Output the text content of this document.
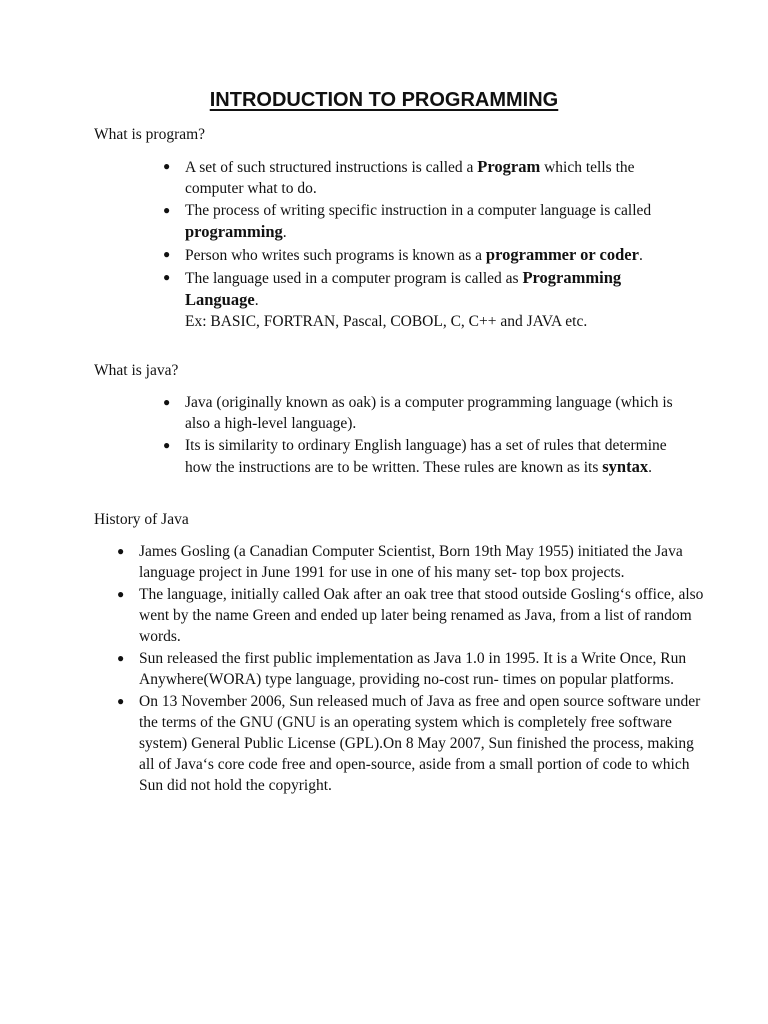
INTRODUCTION TO PROGRAMMING

What is program?

● A set of such structured instructions is called a Program which tells the computer what to do.
● The process of writing specific instruction in a computer language is called programming.
● Person who writes such programs is known as a programmer or coder.
● The language used in a computer program is called as Programming Language.
Ex: BASIC, FORTRAN, Pascal, COBOL, C, C++ and JAVA etc.

What is java?

● Java (originally known as oak) is a computer programming language (which is also a high-level language).
● Its is similarity to ordinary English language) has a set of rules that determine how the instructions are to be written. These rules are known as its syntax.

History of Java

● James Gosling (a Canadian Computer Scientist, Born 19th May 1955) initiated the Java language project in June 1991 for use in one of his many set- top box projects.
● The language, initially called Oak after an oak tree that stood outside Gosling‘s office, also went by the name Green and ended up later being renamed as Java, from a list of random words.
● Sun released the first public implementation as Java 1.0 in 1995. It is a Write Once, Run Anywhere(WORA) type language, providing no-cost run- times on popular platforms.
● On 13 November 2006, Sun released much of Java as free and open source software under the terms of the GNU (GNU is an operating system which is completely free software system) General Public License (GPL).On 8 May 2007, Sun finished the process, making all of Java‘s core code free and open-source, aside from a small portion of code to which Sun did not hold the copyright.
